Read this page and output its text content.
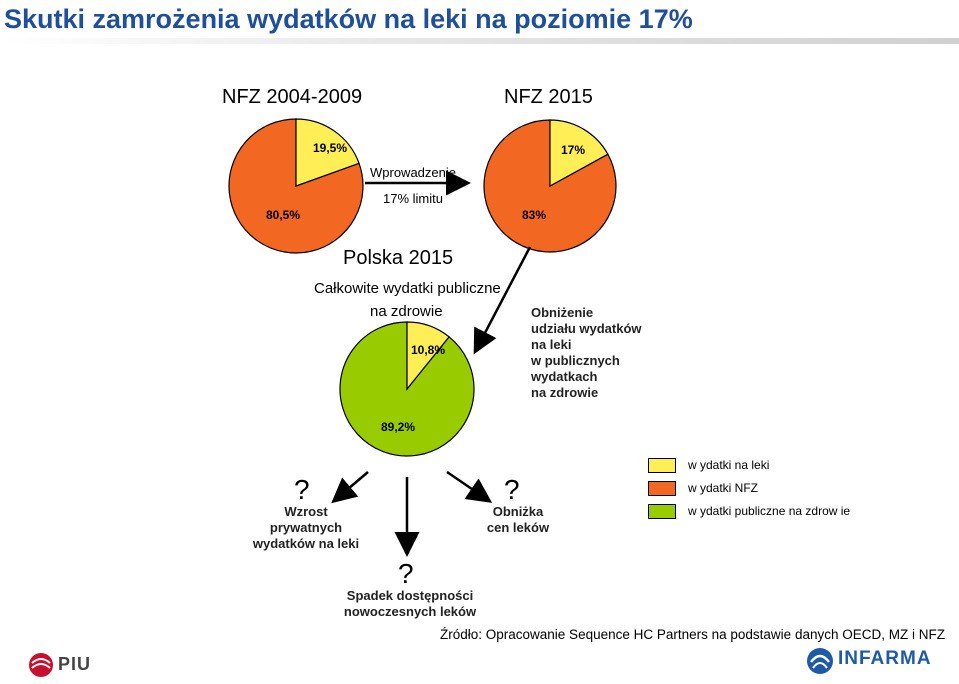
Skutki zamrożenia wydatków na leki na poziomie 17%
NFZ 2004-2009	NFZ 2015
19,5%
80,5%
17%
83%
Wprowadzenie
17% limitu
Polska 2015
Całkowite wydatki publiczne
na zdrowie
10,8%
89,2%
Obniżenie
udziału wydatków
na leki
w publicznych
wydatkach
na zdrowie
?
Wzrost
prywatnych
wydatków na leki
?
Spadek dostępności
nowoczesnych leków
?
Obniżka
cen leków
w ydatki na leki
w ydatki NFZ
w ydatki publiczne na zdrow ie
Źródło: Opracowanie Sequence HC Partners na podstawie danych OECD, MZ i NFZ
PIU	INFARMA
